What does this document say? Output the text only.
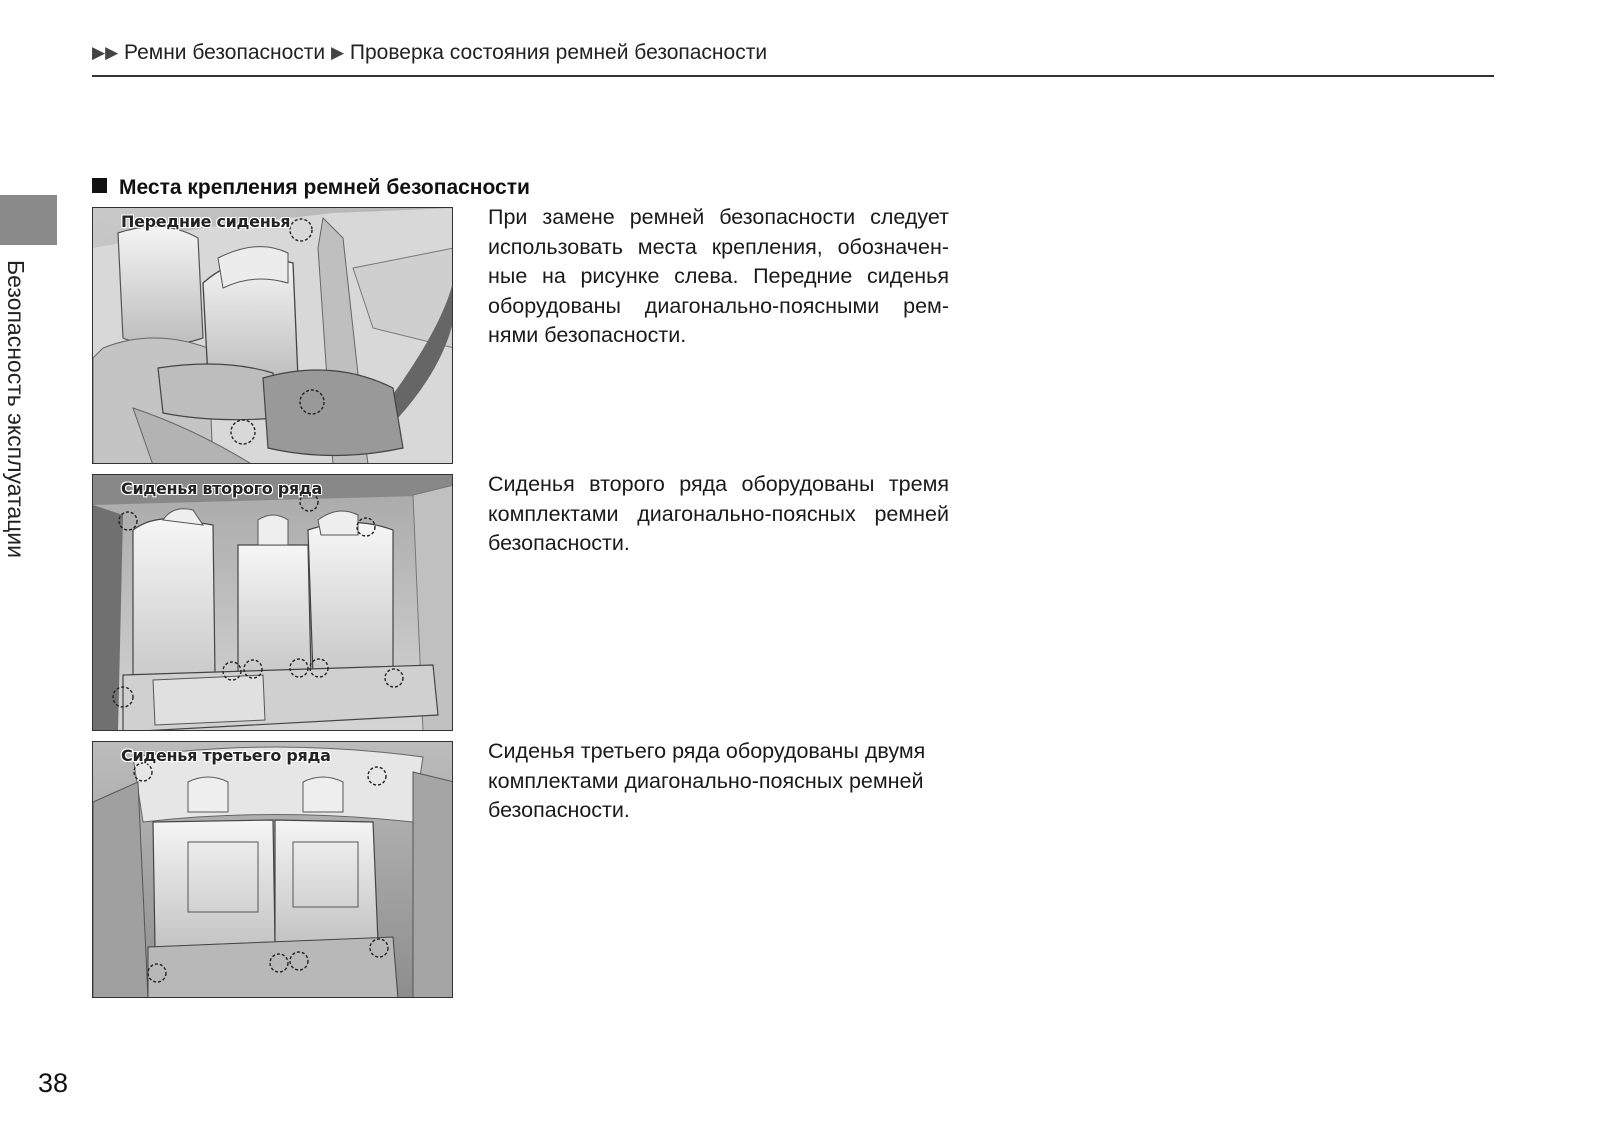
▶▶ Ремни безопасности ▶ Проверка состояния ремней безопасности
Безопасность эксплуатации
Места крепления ремней безопасности
Передние сиденья
Сиденья второго ряда
Сиденья третьего ряда
При замене ремней безопасности следует использовать места крепления, обозначенные на рисунке слева. Передние сиденья оборудованы диагонально-поясными ремнями безопасности.
Сиденья второго ряда оборудованы тремя комплектами диагонально-поясных ремней безопасности.
Сиденья третьего ряда оборудованы двумя комплектами диагонально-поясных ремней безопасности.
38
